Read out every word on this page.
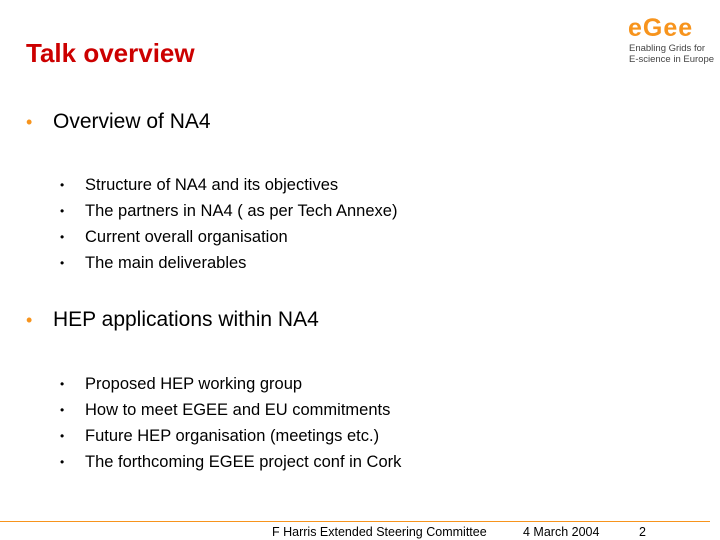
Talk overview
eGee
Enabling Grids for
E-science in Europe
• Overview of NA4
• Structure of NA4 and its objectives
• The partners in NA4 ( as per Tech Annexe)
• Current overall organisation
• The main deliverables
• HEP applications within NA4
• Proposed HEP working group
• How to meet EGEE and EU commitments
• Future HEP organisation (meetings etc.)
• The forthcoming EGEE project conf in Cork
F Harris Extended Steering Committee	4 March 2004	2
